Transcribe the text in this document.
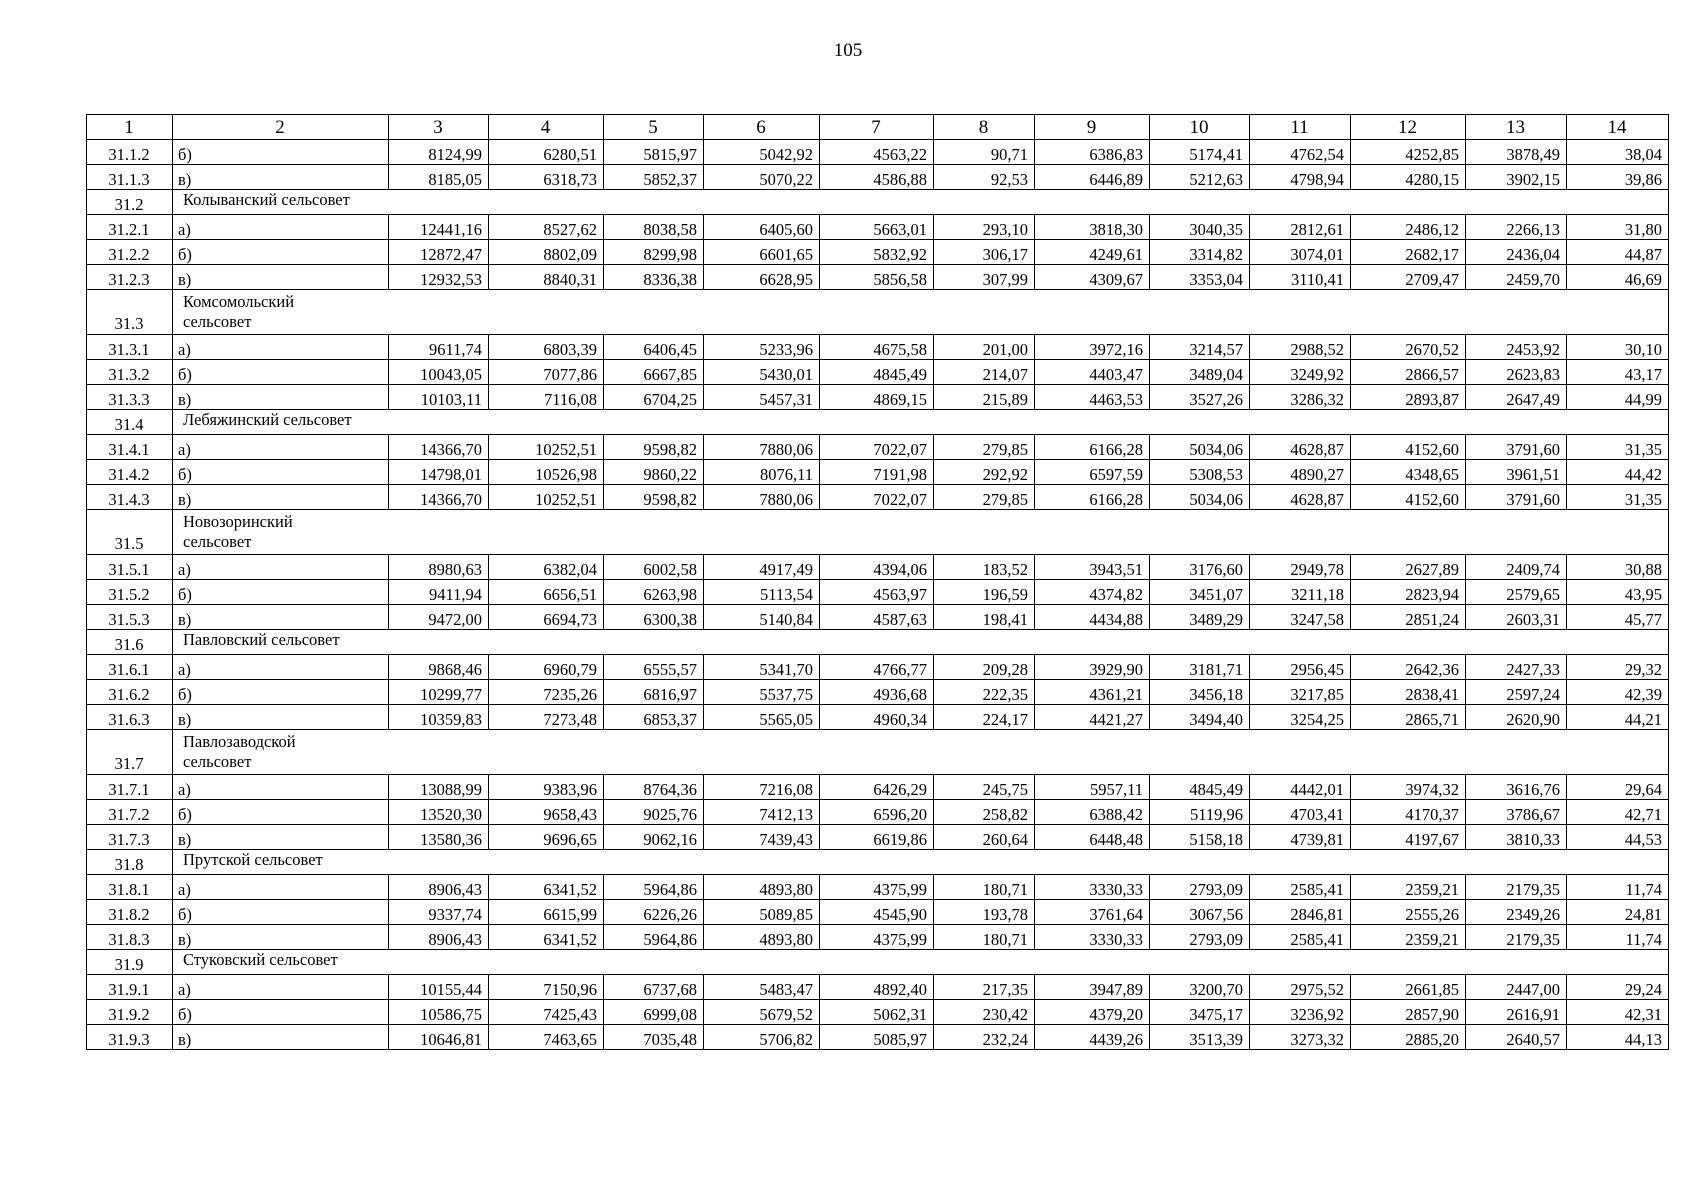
105
1	2	3	4	5	6	7	8	9	10	11	12	13	14
31.1.2	б)	8124,99	6280,51	5815,97	5042,92	4563,22	90,71	6386,83	5174,41	4762,54	4252,85	3878,49	38,04
31.1.3	в)	8185,05	6318,73	5852,37	5070,22	4586,88	92,53	6446,89	5212,63	4798,94	4280,15	3902,15	39,86
31.2	Колыванский сельсовет												
31.2.1	а)	12441,16	8527,62	8038,58	6405,60	5663,01	293,10	3818,30	3040,35	2812,61	2486,12	2266,13	31,80
31.2.2	б)	12872,47	8802,09	8299,98	6601,65	5832,92	306,17	4249,61	3314,82	3074,01	2682,17	2436,04	44,87
31.2.3	в)	12932,53	8840,31	8336,38	6628,95	5856,58	307,99	4309,67	3353,04	3110,41	2709,47	2459,70	46,69
31.3	Комсомольский сельсовет												

31.3.1	а)	9611,74	6803,39	6406,45	5233,96	4675,58	201,00	3972,16	3214,57	2988,52	2670,52	2453,92	30,10
31.3.2	б)	10043,05	7077,86	6667,85	5430,01	4845,49	214,07	4403,47	3489,04	3249,92	2866,57	2623,83	43,17
31.3.3	в)	10103,11	7116,08	6704,25	5457,31	4869,15	215,89	4463,53	3527,26	3286,32	2893,87	2647,49	44,99
31.4	Лебяжинский сельсовет												
31.4.1	а)	14366,70	10252,51	9598,82	7880,06	7022,07	279,85	6166,28	5034,06	4628,87	4152,60	3791,60	31,35
31.4.2	б)	14798,01	10526,98	9860,22	8076,11	7191,98	292,92	6597,59	5308,53	4890,27	4348,65	3961,51	44,42
31.4.3	в)	14366,70	10252,51	9598,82	7880,06	7022,07	279,85	6166,28	5034,06	4628,87	4152,60	3791,60	31,35
31.5	Новозоринский сельсовет												

31.5.1	а)	8980,63	6382,04	6002,58	4917,49	4394,06	183,52	3943,51	3176,60	2949,78	2627,89	2409,74	30,88
31.5.2	б)	9411,94	6656,51	6263,98	5113,54	4563,97	196,59	4374,82	3451,07	3211,18	2823,94	2579,65	43,95
31.5.3	в)	9472,00	6694,73	6300,38	5140,84	4587,63	198,41	4434,88	3489,29	3247,58	2851,24	2603,31	45,77
31.6	Павловский сельсовет												
31.6.1	а)	9868,46	6960,79	6555,57	5341,70	4766,77	209,28	3929,90	3181,71	2956,45	2642,36	2427,33	29,32
31.6.2	б)	10299,77	7235,26	6816,97	5537,75	4936,68	222,35	4361,21	3456,18	3217,85	2838,41	2597,24	42,39
31.6.3	в)	10359,83	7273,48	6853,37	5565,05	4960,34	224,17	4421,27	3494,40	3254,25	2865,71	2620,90	44,21
31.7	Павлозаводской сельсовет												

31.7.1	а)	13088,99	9383,96	8764,36	7216,08	6426,29	245,75	5957,11	4845,49	4442,01	3974,32	3616,76	29,64
31.7.2	б)	13520,30	9658,43	9025,76	7412,13	6596,20	258,82	6388,42	5119,96	4703,41	4170,37	3786,67	42,71
31.7.3	в)	13580,36	9696,65	9062,16	7439,43	6619,86	260,64	6448,48	5158,18	4739,81	4197,67	3810,33	44,53
31.8	Прутской сельсовет												
31.8.1	а)	8906,43	6341,52	5964,86	4893,80	4375,99	180,71	3330,33	2793,09	2585,41	2359,21	2179,35	11,74
31.8.2	б)	9337,74	6615,99	6226,26	5089,85	4545,90	193,78	3761,64	3067,56	2846,81	2555,26	2349,26	24,81
31.8.3	в)	8906,43	6341,52	5964,86	4893,80	4375,99	180,71	3330,33	2793,09	2585,41	2359,21	2179,35	11,74
31.9	Стуковский сельсовет												
31.9.1	а)	10155,44	7150,96	6737,68	5483,47	4892,40	217,35	3947,89	3200,70	2975,52	2661,85	2447,00	29,24
31.9.2	б)	10586,75	7425,43	6999,08	5679,52	5062,31	230,42	4379,20	3475,17	3236,92	2857,90	2616,91	42,31
31.9.3	в)	10646,81	7463,65	7035,48	5706,82	5085,97	232,24	4439,26	3513,39	3273,32	2885,20	2640,57	44,13
